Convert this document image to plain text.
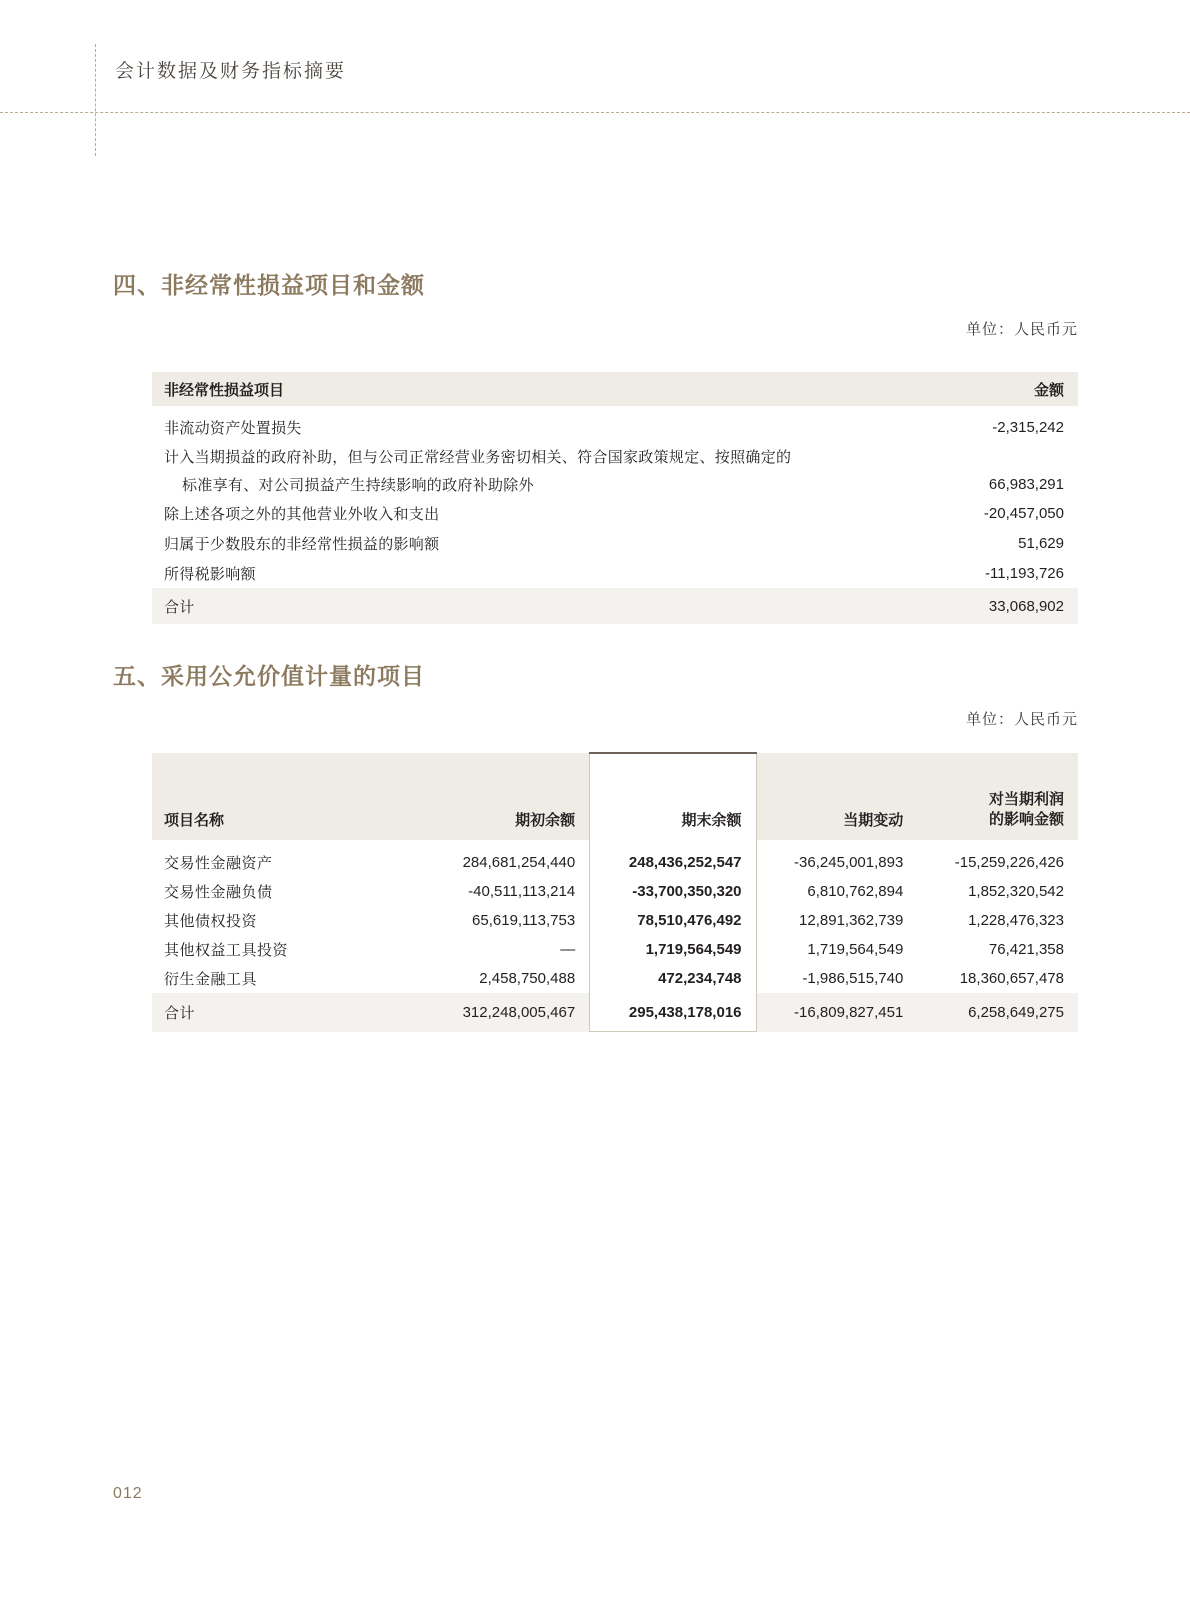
会计数据及财务指标摘要
四、非经常性损益项目和金额
单位：人民币元
非经常性损益项目	金额
非流动资产处置损失	-2,315,242
计入当期损益的政府补助，但与公司正常经营业务密切相关、符合国家政策规定、按照确定的	
标准享有、对公司损益产生持续影响的政府补助除外	66,983,291
除上述各项之外的其他营业外收入和支出	-20,457,050
归属于少数股东的非经常性损益的影响额	51,629
所得税影响额	-11,193,726
合计	33,068,902
五、采用公允价值计量的项目
单位：人民币元
项目名称	期初余额	期末余额	当期变动	对当期利润
的影响金额

交易性金融资产	284,681,254,440	248,436,252,547	-36,245,001,893	-15,259,226,426
交易性金融负债	-40,511,113,214	-33,700,350,320	6,810,762,894	1,852,320,542
其他债权投资	65,619,113,753	78,510,476,492	12,891,362,739	1,228,476,323
其他权益工具投资	—	1,719,564,549	1,719,564,549	76,421,358
衍生金融工具	2,458,750,488	472,234,748	-1,986,515,740	18,360,657,478
合计	312,248,005,467	295,438,178,016	-16,809,827,451	6,258,649,275
012
